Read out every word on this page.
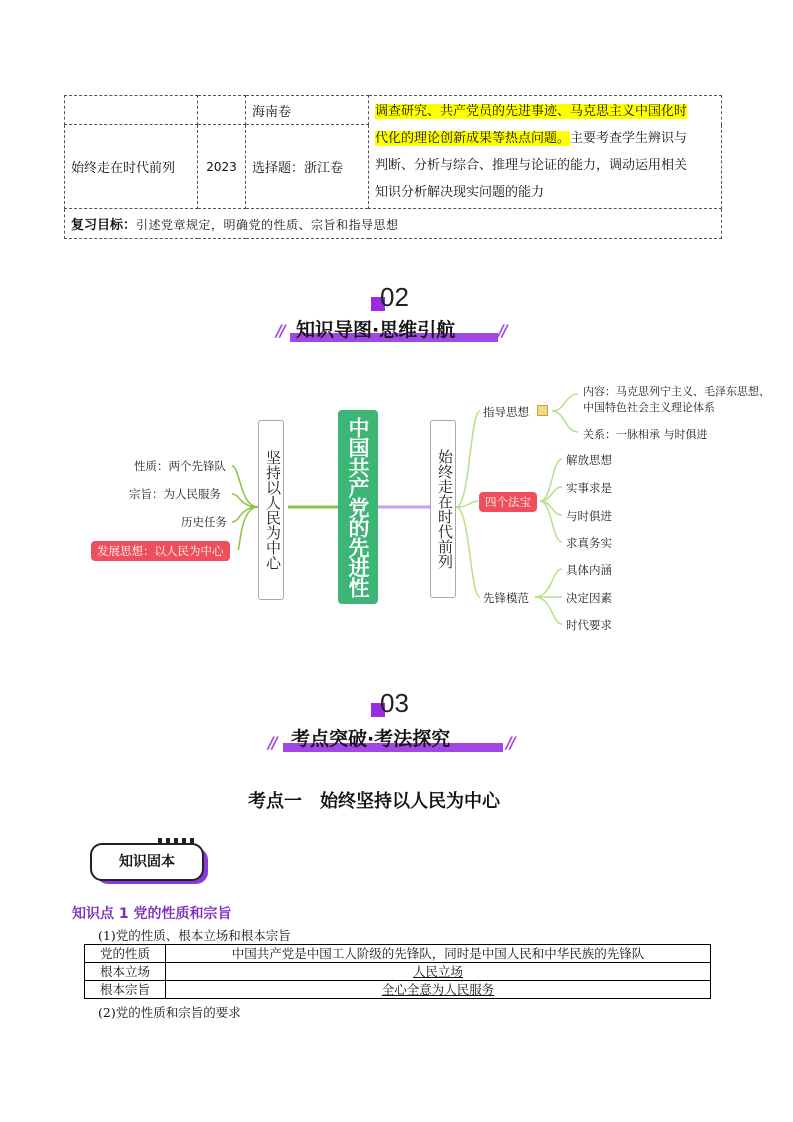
		海南卷	调查研究、共产党员的先进事迹、马克思主义中国化时
代化的理论创新成果等热点问题。主要考查学生辨识与
判断、分析与综合、推理与论证的能力，调动运用相关
知识分析解决现实问题的能力
始终走在时代前列	2023	选择题：浙江卷	
复习目标：引述党章规定，明确党的性质、宗旨和指导思想			
02
//	//
知识导图·思维引航
中国共产党的先进性
坚持以人民为中心	始终走在时代前列
性质：两个先锋队
宗旨：为人民服务
历史任务
发展思想：以人民为中心
指导思想
内容：马克思列宁主义、毛泽东思想、
中国特色社会主义理论体系
关系：一脉相承 与时俱进
四个法宝
解放思想
实事求是
与时俱进
求真务实
先锋模范
具体内涵
决定因素
时代要求
03
//	//
考点突破·考法探究
考点一　始终坚持以人民为中心
知识固本
知识点 1 党的性质和宗旨
(1)党的性质、根本立场和根本宗旨
党的性质	中国共产党是中国工人阶级的先锋队，同时是中国人民和中华民族的先锋队
根本立场	人民立场
根本宗旨	全心全意为人民服务
(2)党的性质和宗旨的要求
